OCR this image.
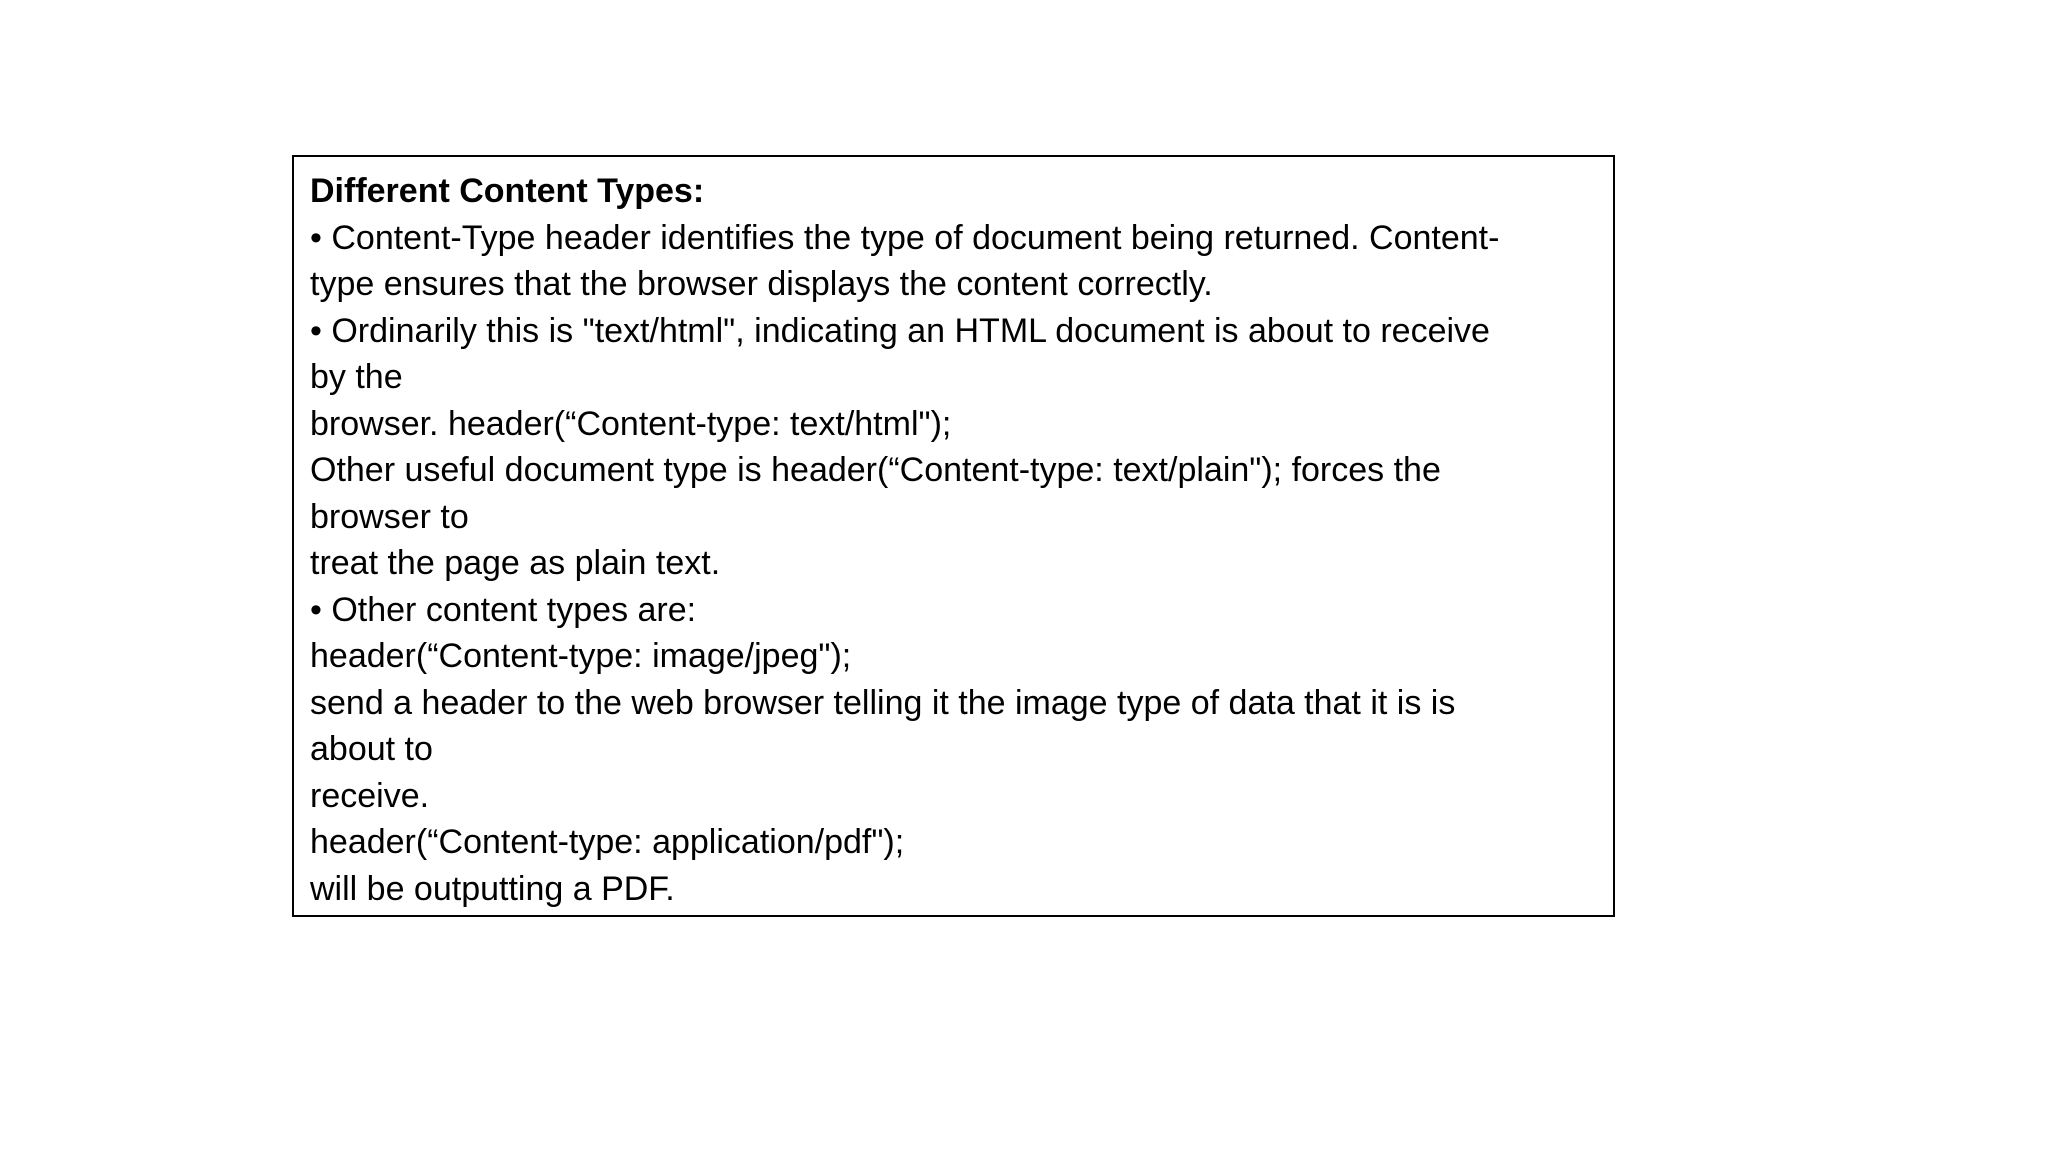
Different Content Types:
• Content-Type header identifies the type of document being returned. Content-
type ensures that the browser displays the content correctly.
• Ordinarily this is "text/html", indicating an HTML document is about to receive
by the
browser. header(“Content-type: text/html");
Other useful document type is header(“Content-type: text/plain"); forces the
browser to
treat the page as plain text.
• Other content types are:
header(“Content-type: image/jpeg");
send a header to the web browser telling it the image type of data that it is is
about to
receive.
header(“Content-type: application/pdf");
will be outputting a PDF.
